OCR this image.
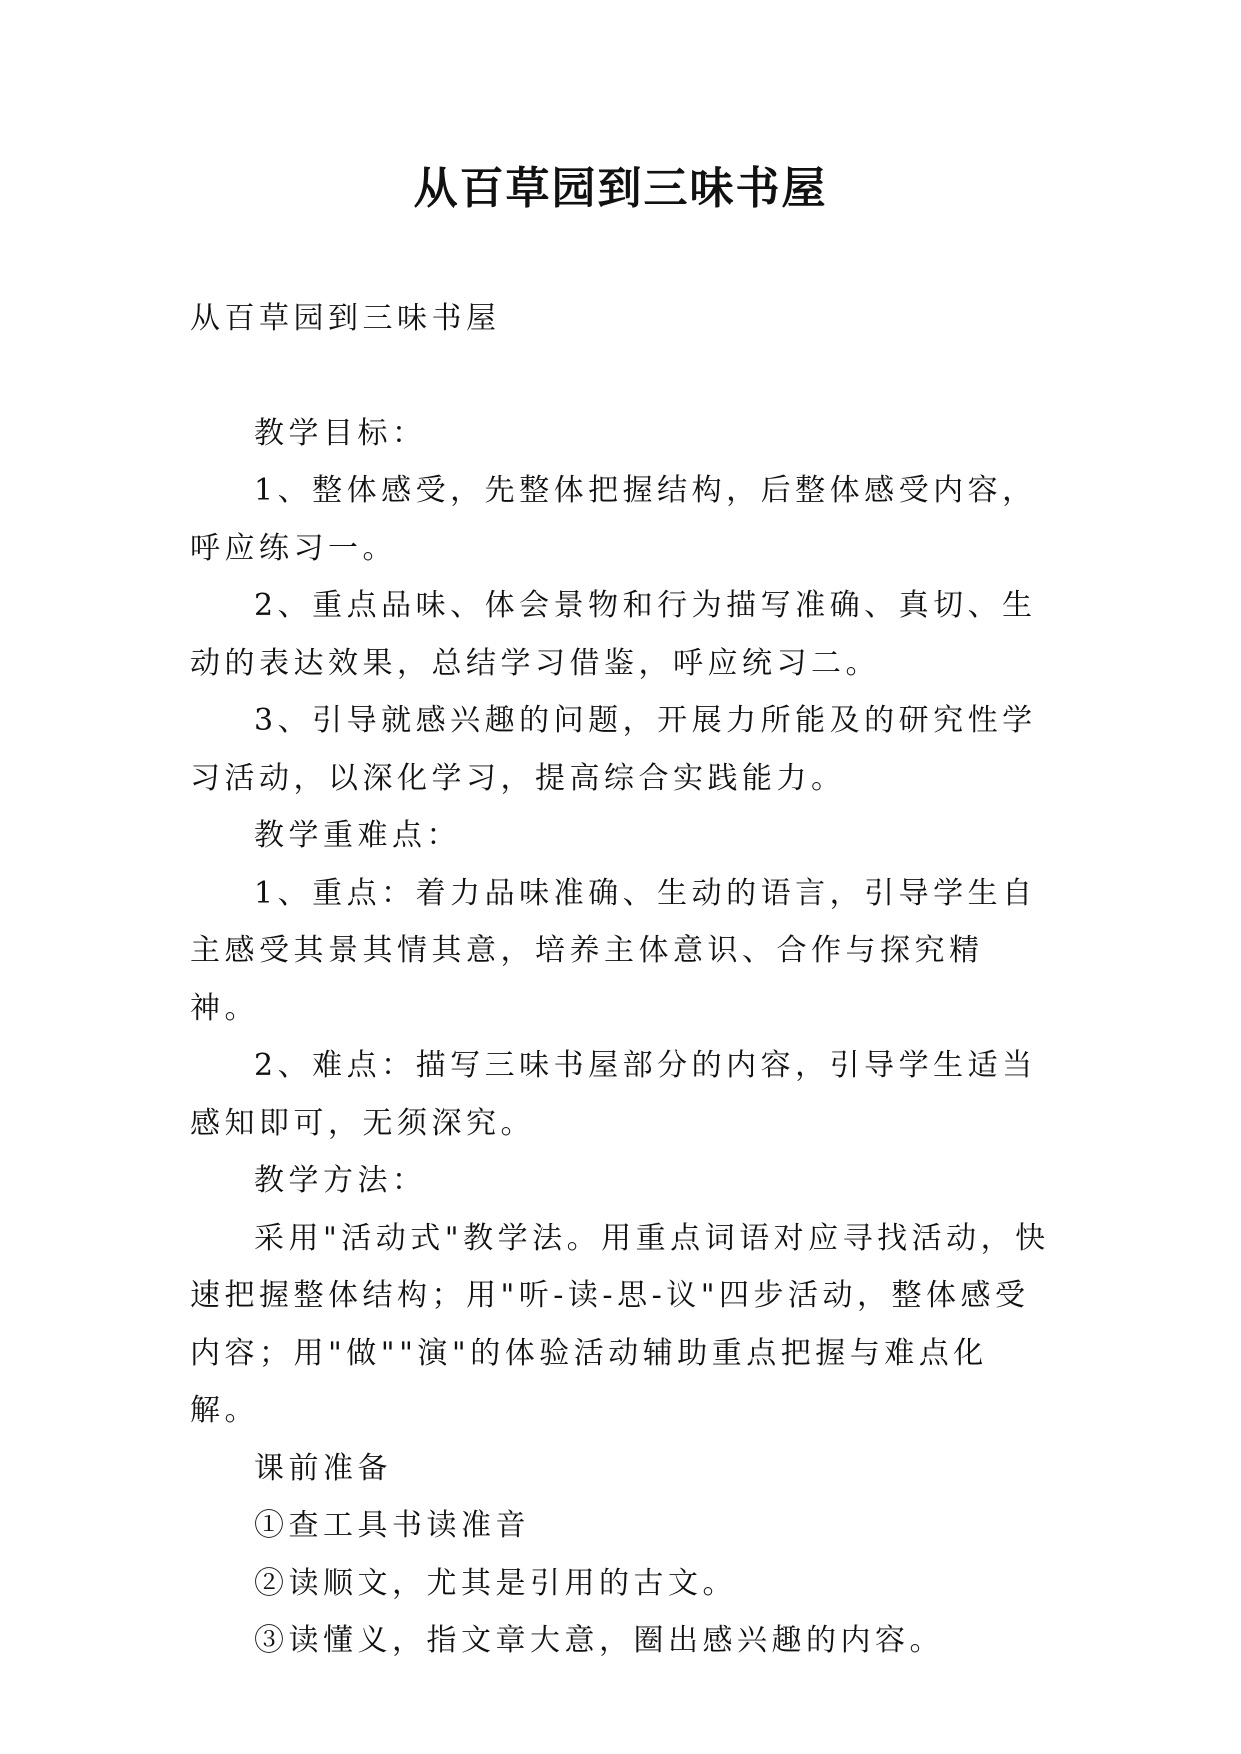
从百草园到三味书屋

从百草园到三味书屋

教学目标：

1、整体感受，先整体把握结构，后整体感受内容，呼应练习一。

2、重点品味、体会景物和行为描写准确、真切、生动的表达效果，总结学习借鉴，呼应统习二。

3、引导就感兴趣的问题，开展力所能及的研究性学习活动，以深化学习，提高综合实践能力。

教学重难点：

1、重点：着力品味准确、生动的语言，引导学生自主感受其景其情其意，培养主体意识、合作与探究精神。

2、难点：描写三味书屋部分的内容，引导学生适当感知即可，无须深究。

教学方法：

采用"活动式"教学法。用重点词语对应寻找活动，快速把握整体结构；用"听-读-思-议"四步活动，整体感受内容；用"做""演"的体验活动辅助重点把握与难点化解。

课前准备

①查工具书读准音

②读顺文，尤其是引用的古文。

③读懂义，指文章大意，圈出感兴趣的内容。
